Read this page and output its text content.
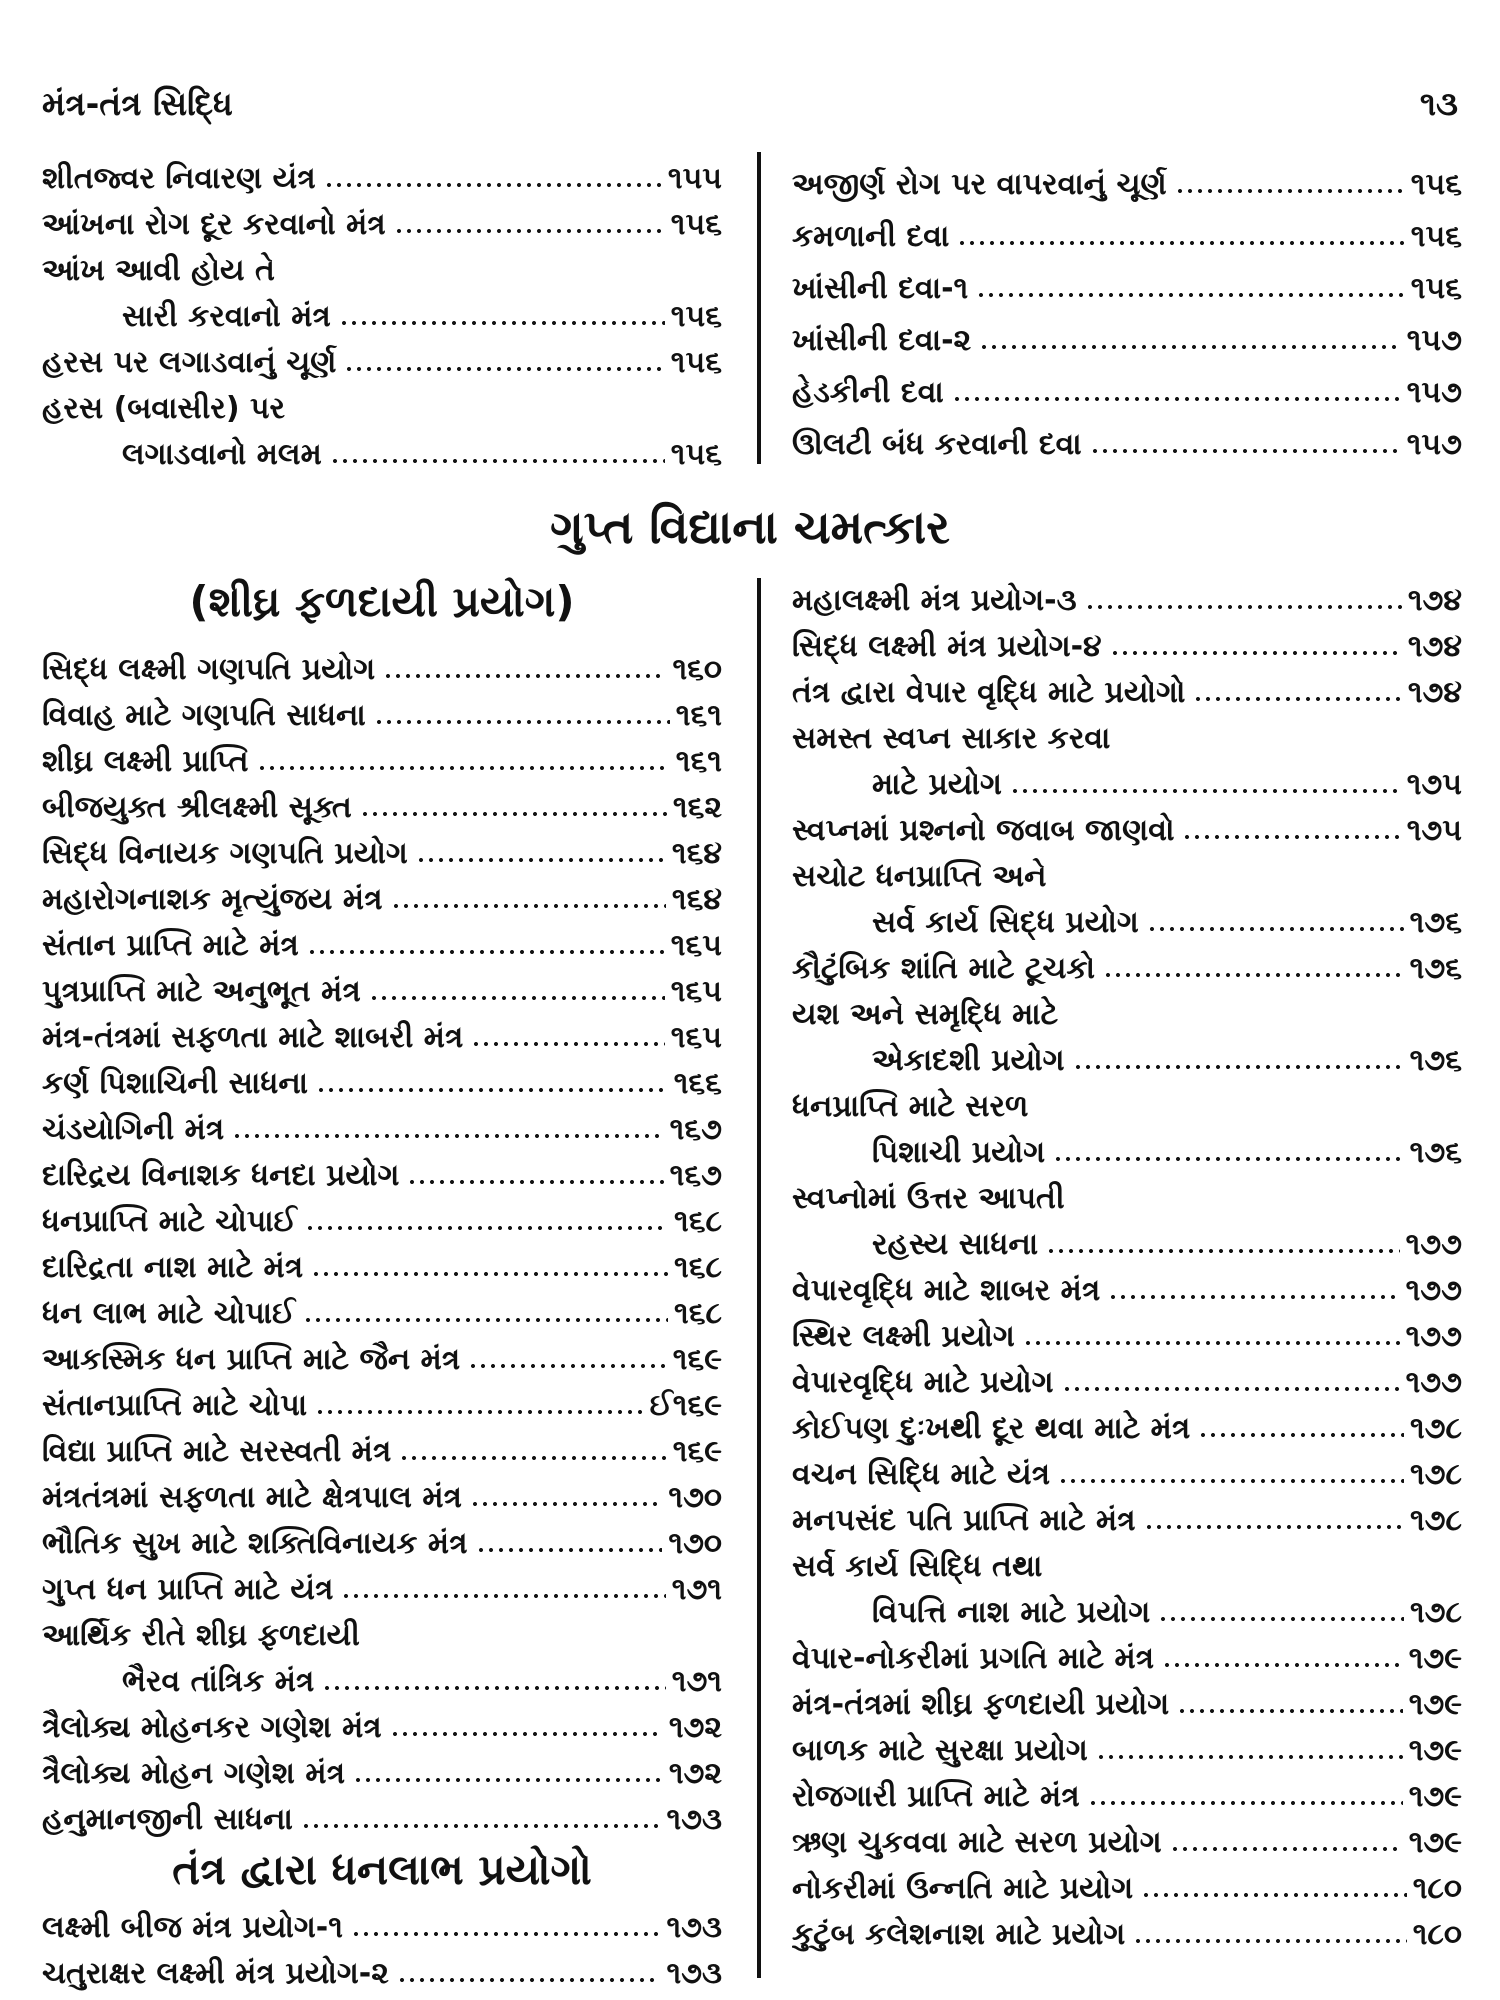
મંત્ર-તંત્ર સિદ્ધિ	૧૩
શીતજ્વર નિવારણ યંત્ર	૧૫૫
આંખના રોગ દૂર કરવાનો મંત્ર	૧૫૬
આંખ આવી હોય તે
સારી કરવાનો મંત્ર	૧૫૬
હરસ પર લગાડવાનું ચૂર્ણ	૧૫૬
હરસ (બવાસીર) પર
લગાડવાનો મલમ	૧૫૬
અજીર્ણ રોગ પર વાપરવાનું ચૂર્ણ	૧૫૬
કમળાની દવા	૧૫૬
ખાંસીની દવા-૧	૧૫૬
ખાંસીની દવા-૨	૧૫૭
હેડકીની દવા	૧૫૭
ઊલટી બંધ કરવાની દવા	૧૫૭
ગુપ્ત વિદ્યાના ચમત્કાર
(શીઘ્ર ફળદાયી પ્રયોગ)
સિદ્ધ લક્ષ્મી ગણપતિ પ્રયોગ	૧૬૦
વિવાહ માટે ગણપતિ સાધના	૧૬૧
શીઘ્ર લક્ષ્મી પ્રાપ્તિ	૧૬૧
બીજયુક્ત શ્રીલક્ષ્મી સૂક્ત	૧૬૨
સિદ્ધ વિનાયક ગણપતિ પ્રયોગ	૧૬૪
મહારોગનાશક મૃત્યુંજય મંત્ર	૧૬૪
સંતાન પ્રાપ્તિ માટે મંત્ર	૧૬૫
પુત્રપ્રાપ્તિ માટે અનુભૂત મંત્ર	૧૬૫
મંત્ર-તંત્રમાં સફળતા માટે શાબરી મંત્ર	૧૬૫
કર્ણ પિશાચિની સાધના	૧૬૬
ચંડયોગિની મંત્ર	૧૬૭
દારિદ્રય વિનાશક ધનદા પ્રયોગ	૧૬૭
ધનપ્રાપ્તિ માટે ચોપાઈ	૧૬૮
દારિદ્રતા નાશ માટે મંત્ર	૧૬૮
ધન લાભ માટે ચોપાઈ	૧૬૮
આકસ્મિક ધન પ્રાપ્તિ માટે જૈન મંત્ર	૧૬૯
સંતાનપ્રાપ્તિ માટે ચોપા	ઈ૧૬૯
વિદ્યા પ્રાપ્તિ માટે સરસ્વતી મંત્ર	૧૬૯
મંત્રતંત્રમાં સફળતા માટે ક્ષેત્રપાલ મંત્ર	૧૭૦
ભૌતિક સુખ માટે શક્તિવિનાયક મંત્ર	૧૭૦
ગુપ્ત ધન પ્રાપ્તિ માટે યંત્ર	૧૭૧
આર્થિક રીતે શીઘ્ર ફળદાયી
ભૈરવ તાંત્રિક મંત્ર	૧૭૧
ત્રૈલોક્ય મોહનકર ગણેશ મંત્ર	૧૭૨
ત્રૈલોક્ય મોહન ગણેશ મંત્ર	૧૭૨
હનુમાનજીની સાધના	૧૭૩
તંત્ર દ્વારા ધનલાભ પ્રયોગો
લક્ષ્મી બીજ મંત્ર પ્રયોગ-૧	૧૭૩
ચતુરાક્ષર લક્ષ્મી મંત્ર પ્રયોગ-૨	૧૭૩
મહાલક્ષ્મી મંત્ર પ્રયોગ-૩	૧૭૪
સિદ્ધ લક્ષ્મી મંત્ર પ્રયોગ-૪	૧૭૪
તંત્ર દ્વારા વેપાર વૃદ્ધિ માટે પ્રયોગો	૧૭૪
સમસ્ત સ્વપ્ન સાકાર કરવા
માટે પ્રયોગ	૧૭૫
સ્વપ્નમાં પ્રશ્નનો જવાબ જાણવો	૧૭૫
સચોટ ધનપ્રાપ્તિ અને
સર્વ કાર્ય સિદ્ધ પ્રયોગ	૧૭૬
કૌટુંબિક શાંતિ માટે ટૂચકો	૧૭૬
યશ અને સમૃદ્ધિ માટે
એકાદશી પ્રયોગ	૧૭૬
ધનપ્રાપ્તિ માટે સરળ
પિશાચી પ્રયોગ	૧૭૬
સ્વપ્નોમાં ઉત્તર આપતી
રહસ્ય સાધના	૧૭૭
વેપારવૃદ્ધિ માટે શાબર મંત્ર	૧૭૭
સ્થિર લક્ષ્મી પ્રયોગ	૧૭૭
વેપારવૃદ્ધિ માટે પ્રયોગ	૧૭૭
કોઈપણ દુઃખથી દૂર થવા માટે મંત્ર	૧૭૮
વચન સિદ્ધિ માટે યંત્ર	૧૭૮
મનપસંદ પતિ પ્રાપ્તિ માટે મંત્ર	૧૭૮
સર્વ કાર્ય સિદ્ધિ તથા
વિપત્તિ નાશ માટે પ્રયોગ	૧૭૮
વેપાર-નોકરીમાં પ્રગતિ માટે મંત્ર	૧૭૯
મંત્ર-તંત્રમાં શીઘ્ર ફળદાયી પ્રયોગ	૧૭૯
બાળક માટે સુરક્ષા પ્રયોગ	૧૭૯
રોજગારી પ્રાપ્તિ માટે મંત્ર	૧૭૯
ઋણ ચુકવવા માટે સરળ પ્રયોગ	૧૭૯
નોકરીમાં ઉન્નતિ માટે પ્રયોગ	૧૮૦
કુટુંબ કલેશનાશ માટે પ્રયોગ	૧૮૦
